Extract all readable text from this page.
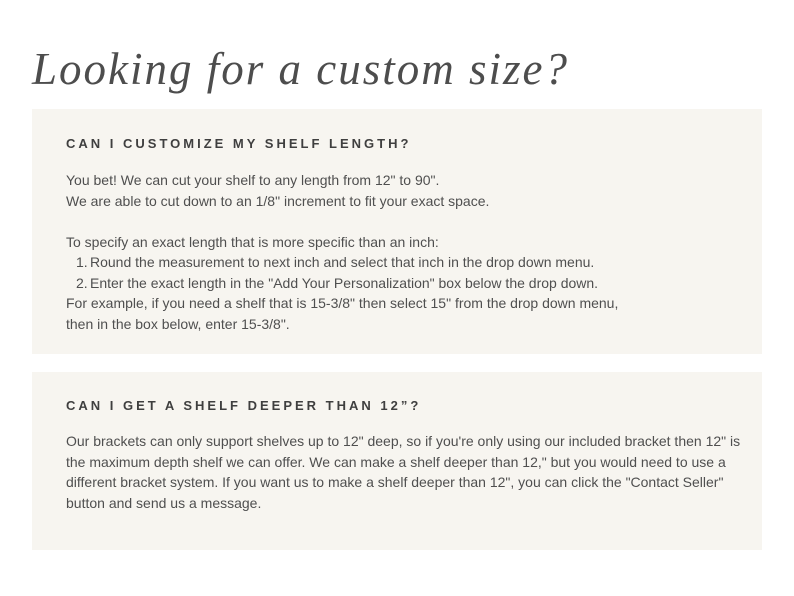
Looking for a custom size?
CAN I CUSTOMIZE MY SHELF LENGTH?
You bet! We can cut your shelf to any length from 12" to 90".
We are able to cut down to an 1/8" increment to fit your exact space.
To specify an exact length that is more specific than an inch:
1. Round the measurement to next inch and select that inch in the drop down menu.
2. Enter the exact length in the "Add Your Personalization" box below the drop down.
For example, if you need a shelf that is 15-3/8" then select 15" from the drop down menu,
then in the box below, enter 15-3/8".
CAN I GET A SHELF DEEPER THAN 12”?

Our brackets can only support shelves up to 12" deep, so if you're only using our included bracket then 12" is the maximum depth shelf we can offer. We can make a shelf deeper than 12," but you would need to use a different bracket system. If you want us to make a shelf deeper than 12", you can click the "Contact Seller" button and send us a message.
